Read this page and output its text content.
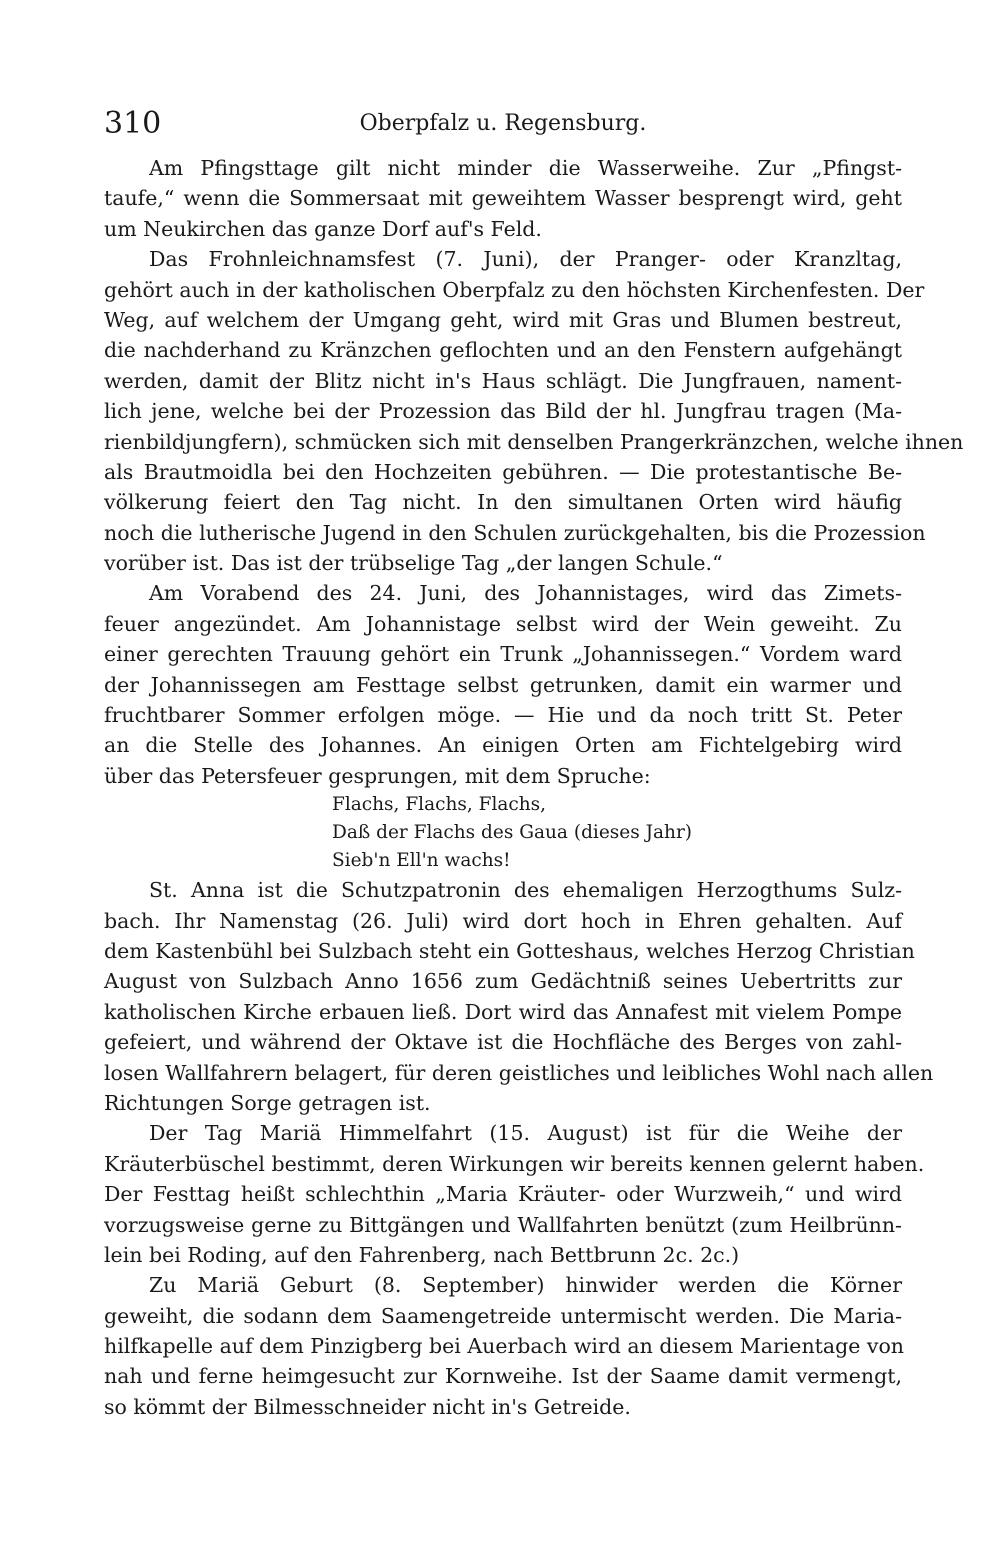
310	Oberpfalz u. Regensburg.
Am Pfingsttage gilt nicht minder die Wasserweihe. Zur „Pfingst-
taufe,“ wenn die Sommersaat mit geweihtem Wasser besprengt wird, geht
um Neukirchen das ganze Dorf auf's Feld.
Das Frohnleichnamsfest (7. Juni), der Pranger- oder Kranzltag,
gehört auch in der katholischen Oberpfalz zu den höchsten Kirchenfesten. Der
Weg, auf welchem der Umgang geht, wird mit Gras und Blumen bestreut,
die nachderhand zu Kränzchen geflochten und an den Fenstern aufgehängt
werden, damit der Blitz nicht in's Haus schlägt. Die Jungfrauen, nament-
lich jene, welche bei der Prozession das Bild der hl. Jungfrau tragen (Ma-
rienbildjungfern), schmücken sich mit denselben Prangerkränzchen, welche ihnen
als Brautmoidla bei den Hochzeiten gebühren. — Die protestantische Be-
völkerung feiert den Tag nicht. In den simultanen Orten wird häufig
noch die lutherische Jugend in den Schulen zurückgehalten, bis die Prozession
vorüber ist. Das ist der trübselige Tag „der langen Schule.“
Am Vorabend des 24. Juni, des Johannistages, wird das Zimets-
feuer angezündet. Am Johannistage selbst wird der Wein geweiht. Zu
einer gerechten Trauung gehört ein Trunk „Johannissegen.“ Vordem ward
der Johannissegen am Festtage selbst getrunken, damit ein warmer und
fruchtbarer Sommer erfolgen möge. — Hie und da noch tritt St. Peter
an die Stelle des Johannes. An einigen Orten am Fichtelgebirg wird
über das Petersfeuer gesprungen, mit dem Spruche:
Flachs, Flachs, Flachs,
Daß der Flachs des Gaua (dieses Jahr)
Sieb'n Ell'n wachs!
St. Anna ist die Schutzpatronin des ehemaligen Herzogthums Sulz-
bach. Ihr Namenstag (26. Juli) wird dort hoch in Ehren gehalten. Auf
dem Kastenbühl bei Sulzbach steht ein Gotteshaus, welches Herzog Christian
August von Sulzbach Anno 1656 zum Gedächtniß seines Uebertritts zur
katholischen Kirche erbauen ließ. Dort wird das Annafest mit vielem Pompe
gefeiert, und während der Oktave ist die Hochfläche des Berges von zahl-
losen Wallfahrern belagert, für deren geistliches und leibliches Wohl nach allen
Richtungen Sorge getragen ist.
Der Tag Mariä Himmelfahrt (15. August) ist für die Weihe der
Kräuterbüschel bestimmt, deren Wirkungen wir bereits kennen gelernt haben.
Der Festtag heißt schlechthin „Maria Kräuter- oder Wurzweih,“ und wird
vorzugsweise gerne zu Bittgängen und Wallfahrten benützt (zum Heilbrünn-
lein bei Roding, auf den Fahrenberg, nach Bettbrunn 2c. 2c.)
Zu Mariä Geburt (8. September) hinwider werden die Körner
geweiht, die sodann dem Saamengetreide untermischt werden. Die Maria-
hilfkapelle auf dem Pinzigberg bei Auerbach wird an diesem Marientage von
nah und ferne heimgesucht zur Kornweihe. Ist der Saame damit vermengt,
so kömmt der Bilmesschneider nicht in's Getreide.
